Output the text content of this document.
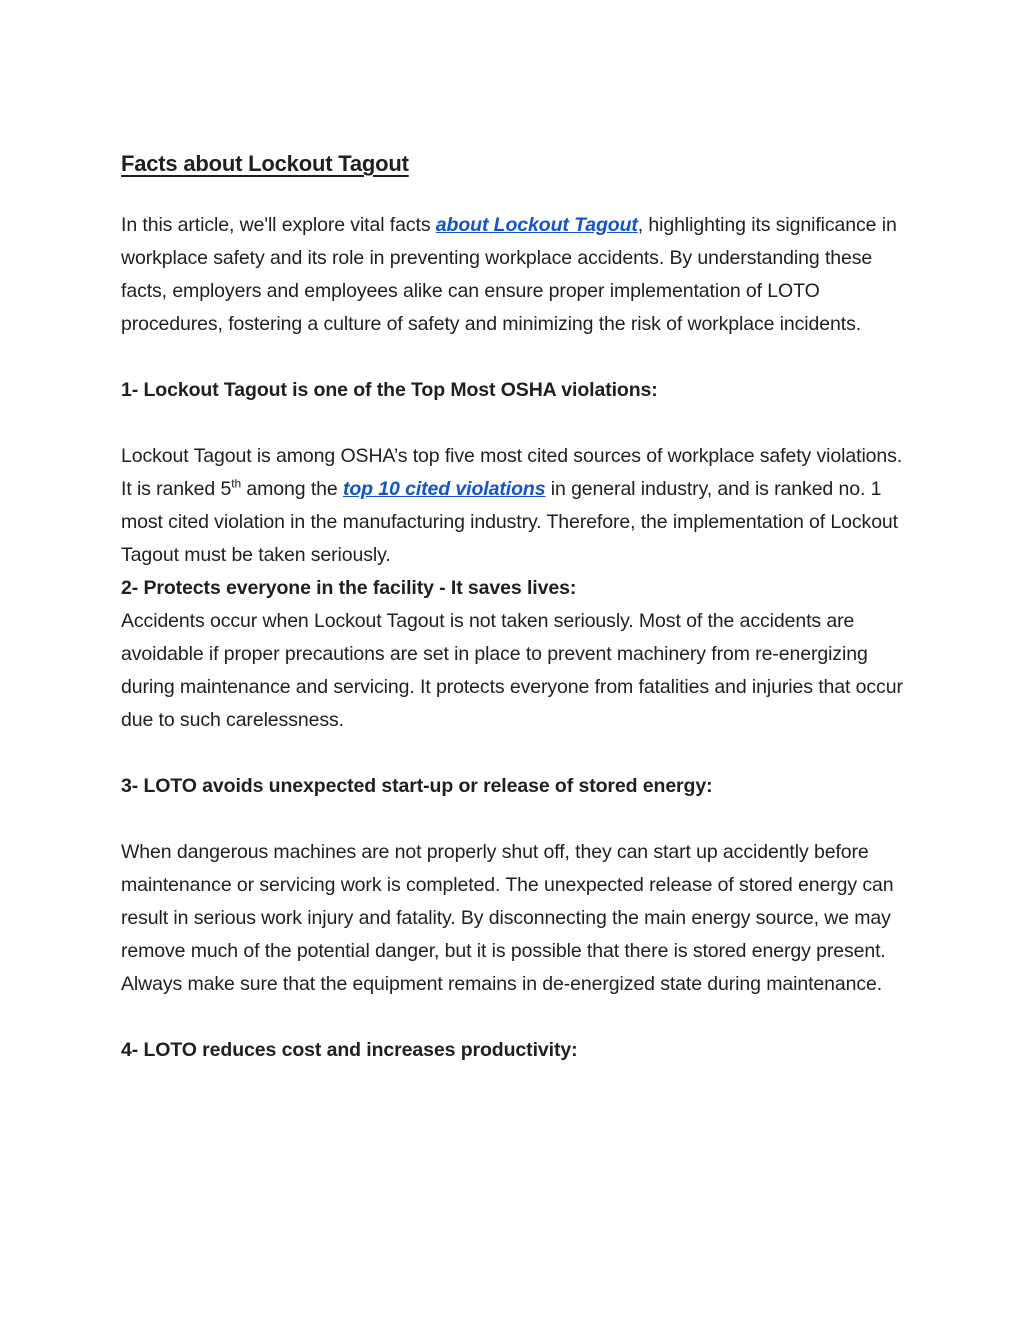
Facts about Lockout Tagout

In this article, we'll explore vital facts about Lockout Tagout, highlighting its significance in workplace safety and its role in preventing workplace accidents. By understanding these facts, employers and employees alike can ensure proper implementation of LOTO procedures, fostering a culture of safety and minimizing the risk of workplace incidents.

1- Lockout Tagout is one of the Top Most OSHA violations:

Lockout Tagout is among OSHA’s top five most cited sources of workplace safety violations. It is ranked 5th among the top 10 cited violations in general industry, and is ranked no. 1 most cited violation in the manufacturing industry. Therefore, the implementation of Lockout Tagout must be taken seriously.

2- Protects everyone in the facility - It saves lives:

Accidents occur when Lockout Tagout is not taken seriously. Most of the accidents are avoidable if proper precautions are set in place to prevent machinery from re-energizing during maintenance and servicing. It protects everyone from fatalities and injuries that occur due to such carelessness.

3- LOTO avoids unexpected start-up or release of stored energy:

When dangerous machines are not properly shut off, they can start up accidently before maintenance or servicing work is completed. The unexpected release of stored energy can result in serious work injury and fatality. By disconnecting the main energy source, we may remove much of the potential danger, but it is possible that there is stored energy present.

Always make sure that the equipment remains in de-energized state during maintenance.

4- LOTO reduces cost and increases productivity:
